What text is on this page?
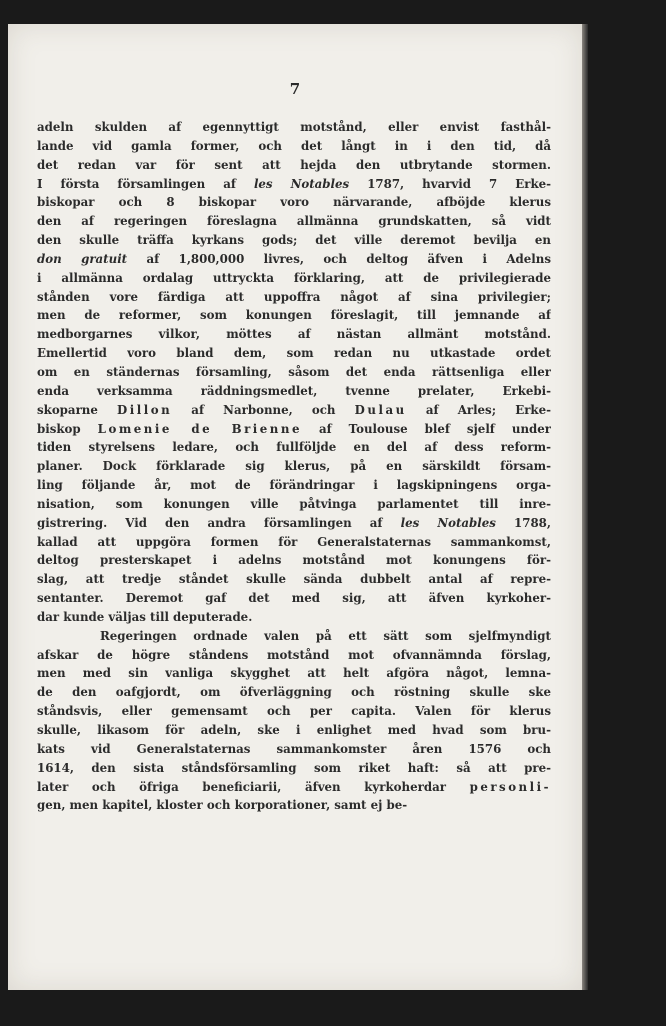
7
adeln skulden af egennyttigt motstånd, eller envist fasthål-
lande vid gamla former, och det långt in i den tid, då
det redan var för sent att hejda den utbrytande stormen.
I första församlingen af les Notables 1787, hvarvid 7 Erke-
biskopar och 8 biskopar voro närvarande, afböjde klerus
den af regeringen föreslagna allmänna grundskatten, så vidt
den skulle träffa kyrkans gods; det ville deremot bevilja en
don gratuit af 1,800,000 livres, och deltog äfven i Adelns
i allmänna ordalag uttryckta förklaring, att de privilegierade
stånden vore färdiga att uppoffra något af sina privilegier;
men de reformer, som konungen föreslagit, till jemnande af
medborgarnes vilkor, möttes af nästan allmänt motstånd.
Emellertid voro bland dem, som redan nu utkastade ordet
om en ständernas församling, såsom det enda rättsenliga eller
enda verksamma räddningsmedlet, tvenne prelater, Erkebi-
skoparne Dillon af Narbonne, och Dulau af Arles; Erke-
biskop Lomenie de Brienne af Toulouse blef sjelf under
tiden styrelsens ledare, och fullföljde en del af dess reform-
planer. Dock förklarade sig klerus, på en särskildt försam-
ling följande år, mot de förändringar i lagskipningens orga-
nisation, som konungen ville påtvinga parlamentet till inre-
gistrering. Vid den andra församlingen af les Notables 1788,
kallad att uppgöra formen för Generalstaternas sammankomst,
deltog presterskapet i adelns motstånd mot konungens för-
slag, att tredje ståndet skulle sända dubbelt antal af repre-
sentanter. Deremot gaf det med sig, att äfven kyrkoher-
dar kunde väljas till deputerade.
Regeringen ordnade valen på ett sätt som sjelfmyndigt
afskar de högre ståndens motstånd mot ofvannämnda förslag,
men med sin vanliga skygghet att helt afgöra något, lemna-
de den oafgjordt, om öfverläggning och röstning skulle ske
ståndsvis, eller gemensamt och per capita. Valen för klerus
skulle, likasom för adeln, ske i enlighet med hvad som bru-
kats vid Generalstaternas sammankomster åren 1576 och
1614, den sista ståndsförsamling som riket haft: så att pre-
later och öfriga beneficiarii, äfven kyrkoherdar personli-
gen, men kapitel, kloster och korporationer, samt ej be-
